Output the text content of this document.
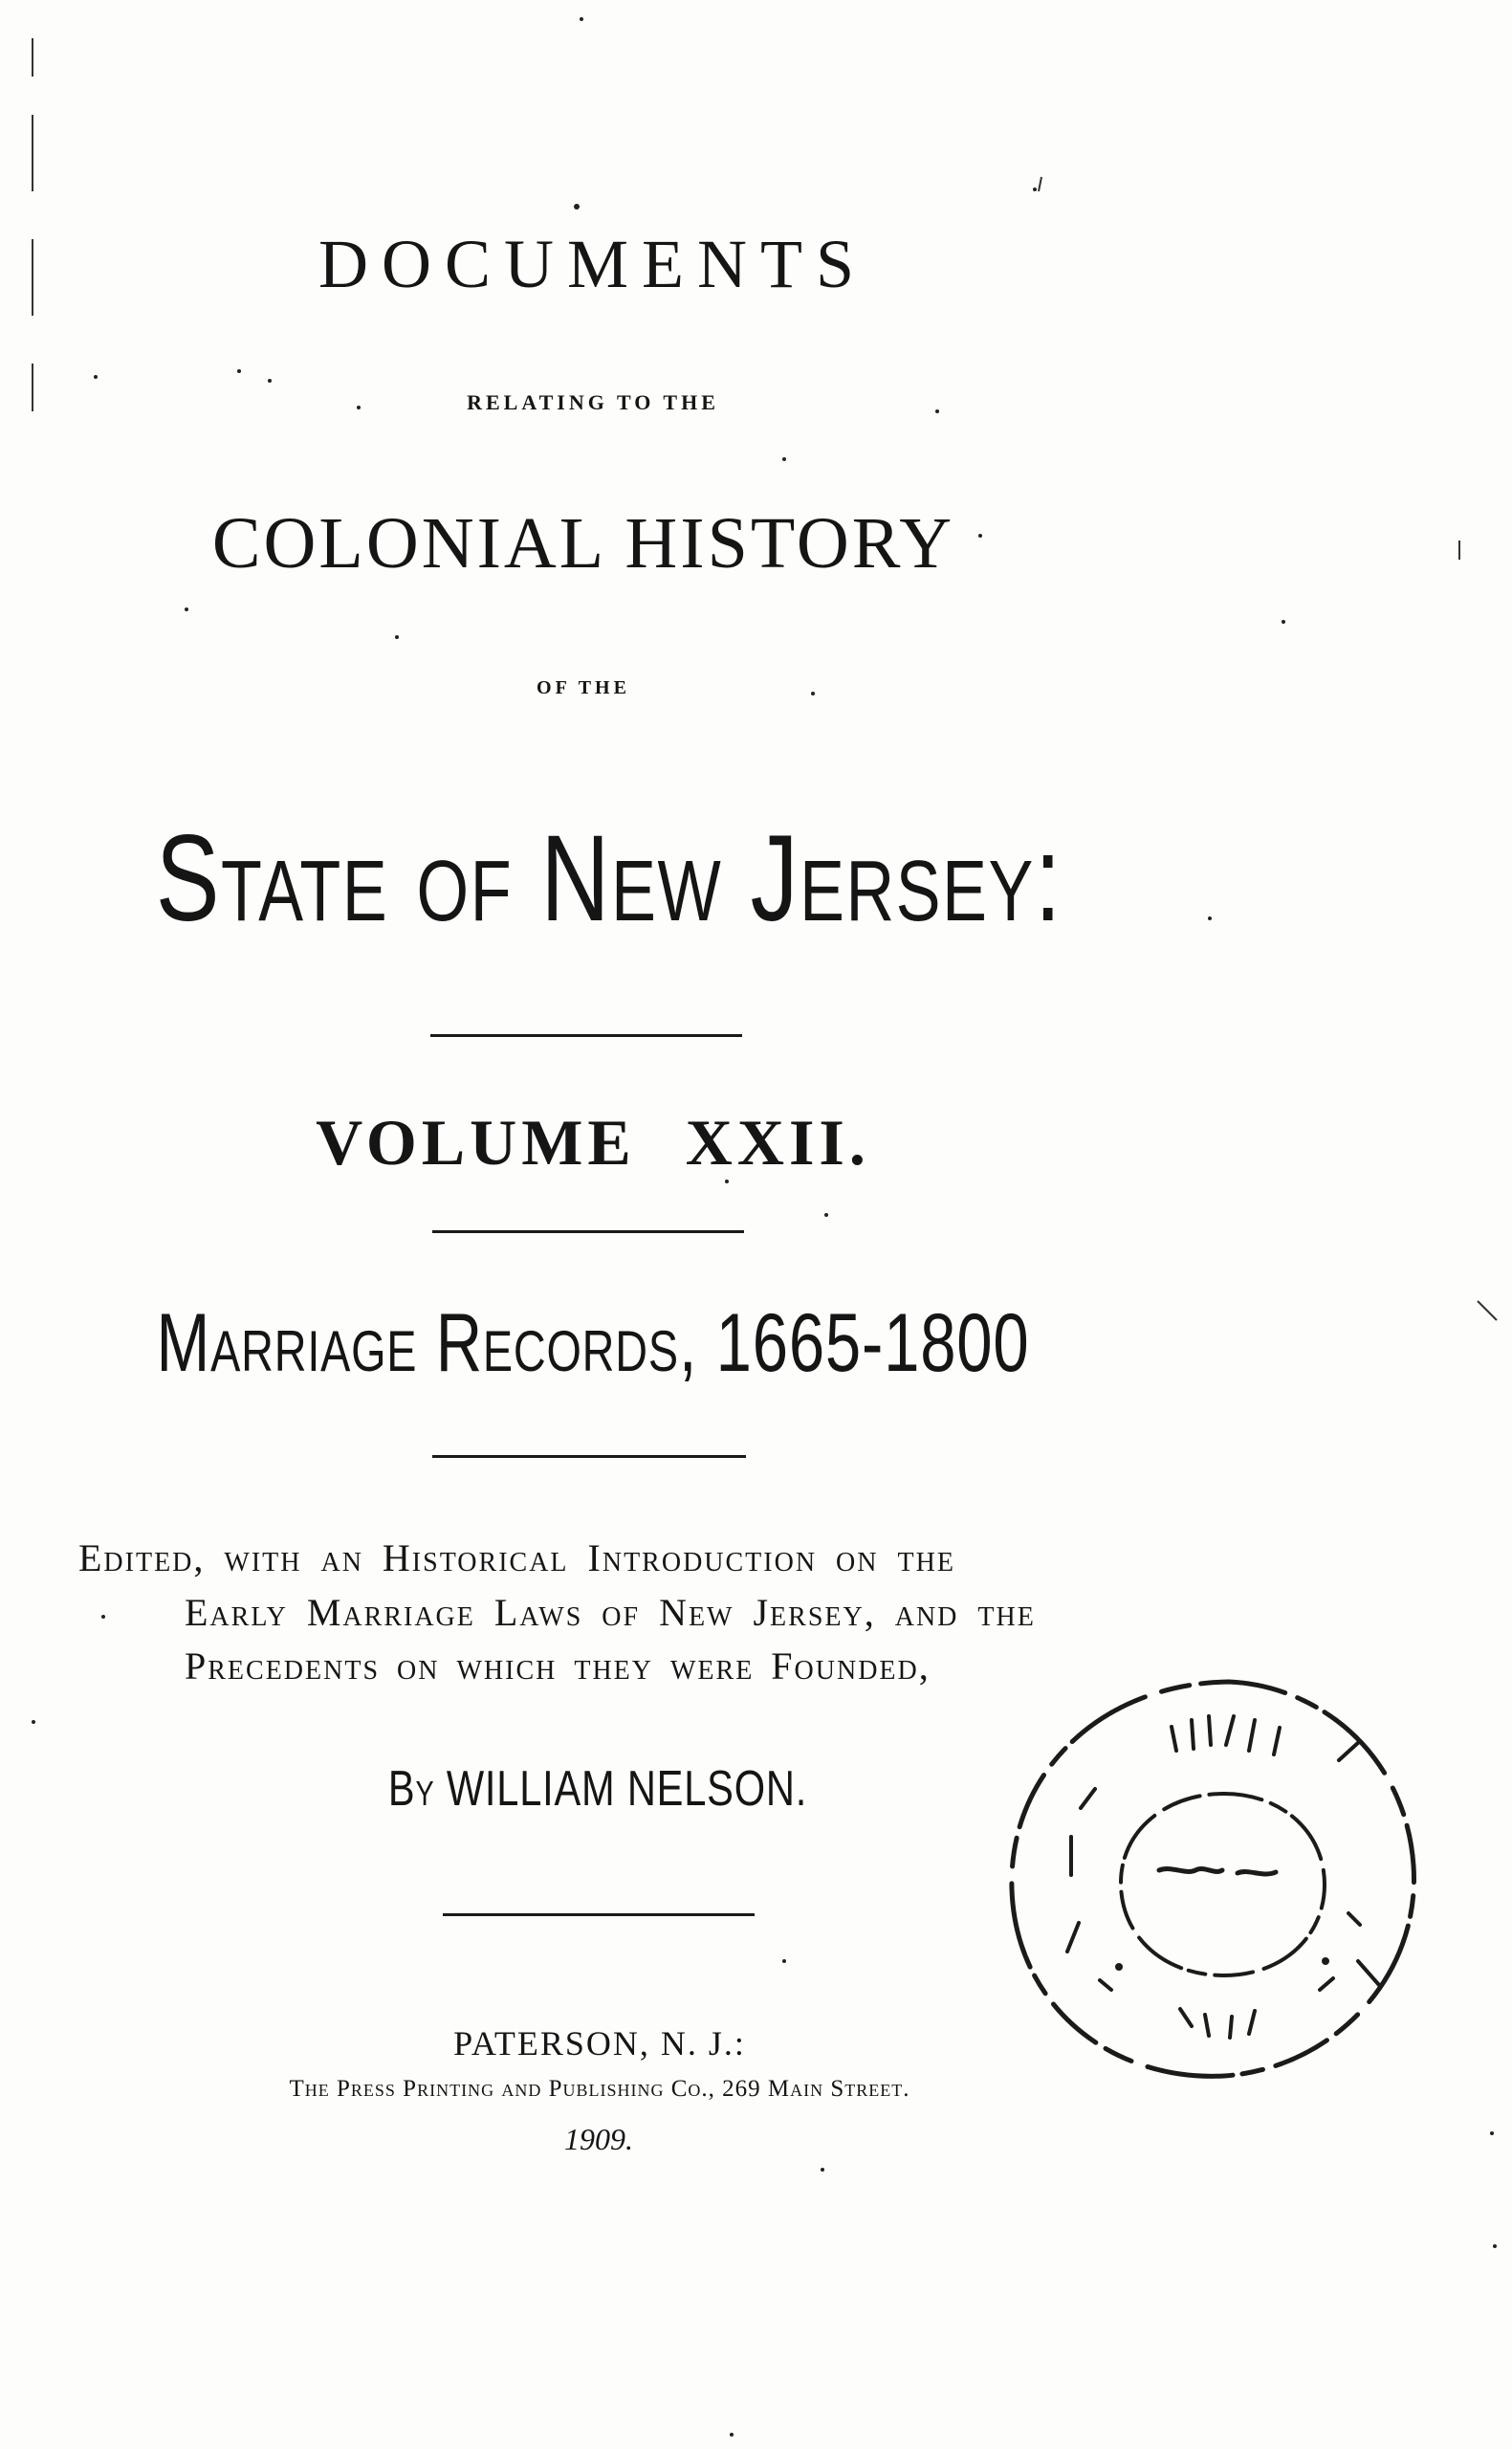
DOCUMENTS
RELATING TO THE
COLONIAL HISTORY
OF THE
State of New Jersey:
VOLUME XXII.
Marriage Records, 1665-1800
Edited, with an Historical Introduction on the
Early Marriage Laws of New Jersey, and the
Precedents on which they were Founded,
By WILLIAM NELSON.
PATERSON, N. J.:
The Press Printing and Publishing Co., 269 Main Street.
1909.
